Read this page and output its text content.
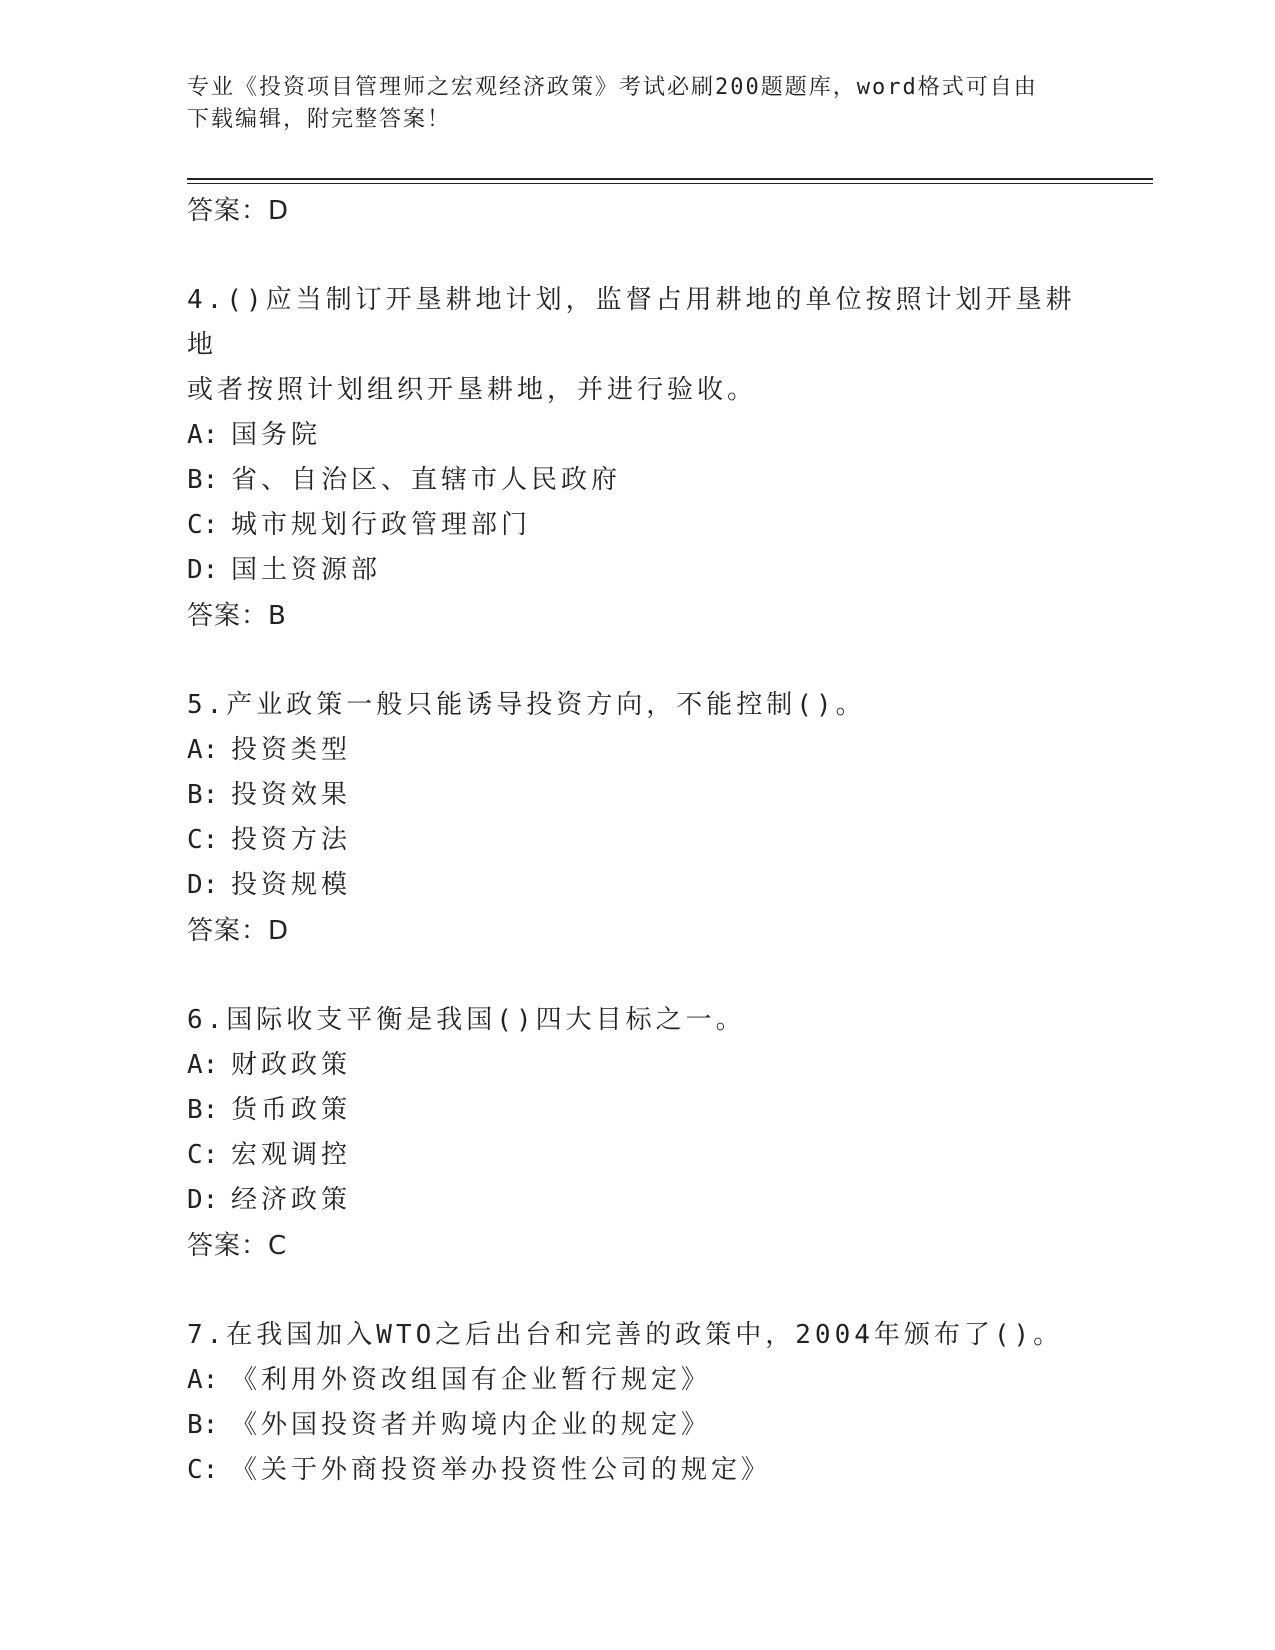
专业《投资项目管理师之宏观经济政策》考试必刷200题题库，word格式可自由
下载编辑，附完整答案！
答案：D
4.()应当制订开垦耕地计划，监督占用耕地的单位按照计划开垦耕地
或者按照计划组织开垦耕地，并进行验收。
A: 国务院
B: 省、自治区、直辖市人民政府
C: 城市规划行政管理部门
D: 国土资源部
答案：B
5.产业政策一般只能诱导投资方向，不能控制()。
A: 投资类型
B: 投资效果
C: 投资方法
D: 投资规模
答案：D
6.国际收支平衡是我国()四大目标之一。
A: 财政政策
B: 货币政策
C: 宏观调控
D: 经济政策
答案：C
7.在我国加入WTO之后出台和完善的政策中，2004年颁布了()。
A: 《利用外资改组国有企业暂行规定》
B: 《外国投资者并购境内企业的规定》
C: 《关于外商投资举办投资性公司的规定》
